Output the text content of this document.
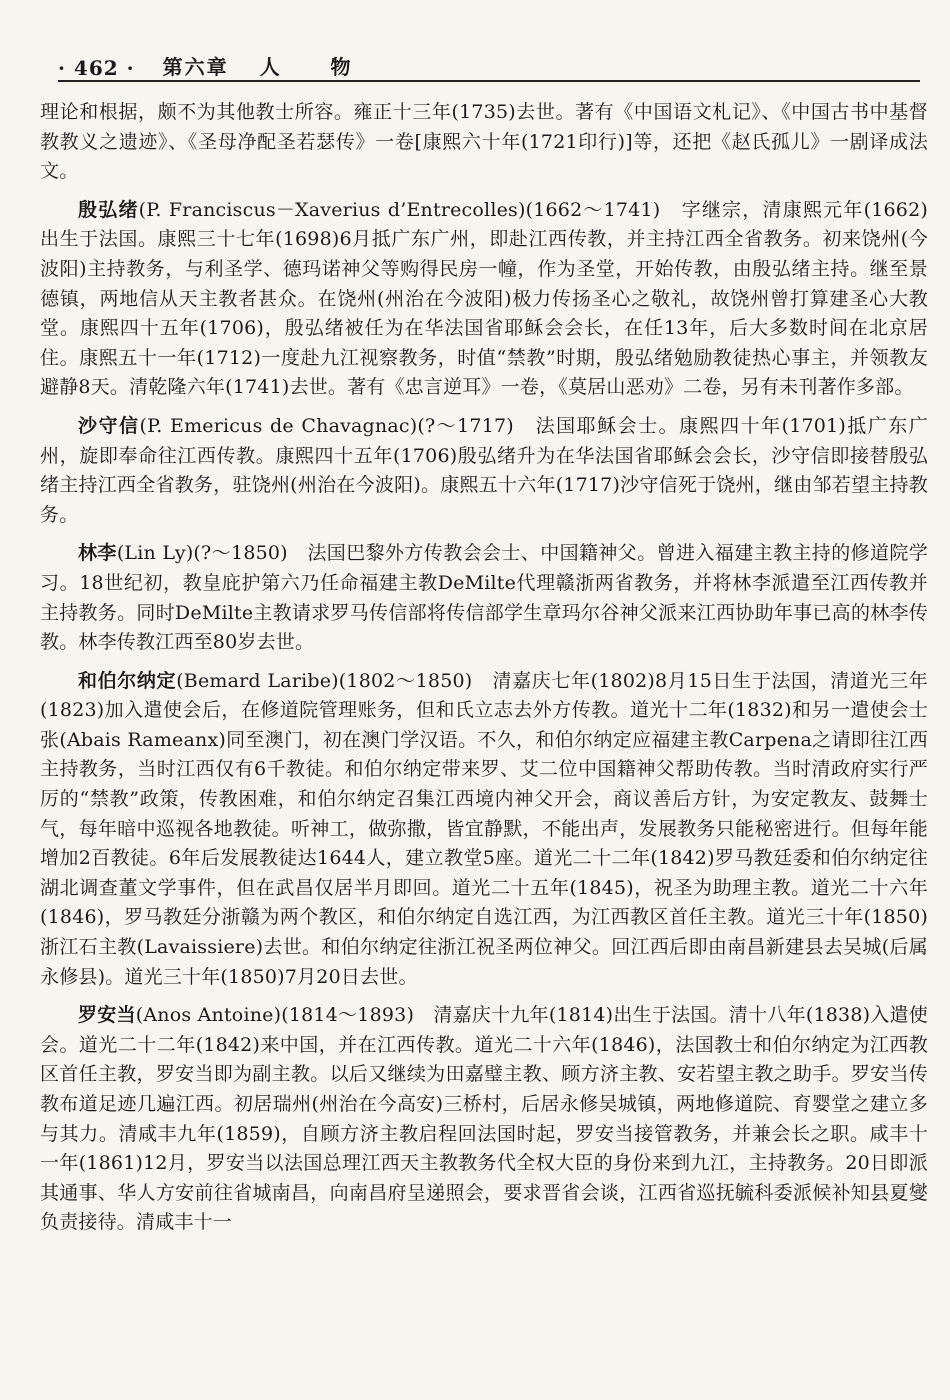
· 462 · 第六章 人 物

理论和根据，颇不为其他教士所容。雍正十三年(1735)去世。著有《中国语文札记》、《中国古书中基督教教义之遗迹》、《圣母净配圣若瑟传》一卷[康熙六十年(1721印行)]等，还把《赵氏孤儿》一剧译成法文。

殷弘绪(P. Franciscus－Xaverius d’Entrecolles)(1662～1741)　字继宗，清康熙元年(1662)出生于法国。康熙三十七年(1698)6月抵广东广州，即赴江西传教，并主持江西全省教务。初来饶州(今波阳)主持教务，与利圣学、德玛诺神父等购得民房一幢，作为圣堂，开始传教，由殷弘绪主持。继至景德镇，两地信从天主教者甚众。在饶州(州治在今波阳)极力传扬圣心之敬礼，故饶州曾打算建圣心大教堂。康熙四十五年(1706)，殷弘绪被任为在华法国省耶稣会会长，在任13年，后大多数时间在北京居住。康熙五十一年(1712)一度赴九江视察教务，时值“禁教”时期，殷弘绪勉励教徒热心事主，并领教友避静8天。清乾隆六年(1741)去世。著有《忠言逆耳》一卷，《莫居山恶劝》二卷，另有未刊著作多部。

沙守信(P. Emericus de Chavagnac)(?～1717)　法国耶稣会士。康熙四十年(1701)抵广东广州，旋即奉命往江西传教。康熙四十五年(1706)殷弘绪升为在华法国省耶稣会会长，沙守信即接替殷弘绪主持江西全省教务，驻饶州(州治在今波阳)。康熙五十六年(1717)沙守信死于饶州，继由邹若望主持教务。

林李(Lin Ly)(?～1850)　法国巴黎外方传教会会士、中国籍神父。曾进入福建主教主持的修道院学习。18世纪初，教皇庇护第六乃任命福建主教DeMilte代理赣浙两省教务，并将林李派遣至江西传教并主持教务。同时DeMilte主教请求罗马传信部将传信部学生章玛尔谷神父派来江西协助年事已高的林李传教。林李传教江西至80岁去世。

和伯尔纳定(Bemard Laribe)(1802～1850)　清嘉庆七年(1802)8月15日生于法国，清道光三年(1823)加入遣使会后，在修道院管理账务，但和氏立志去外方传教。道光十二年(1832)和另一遣使会士张(Abais Rameanx)同至澳门，初在澳门学汉语。不久，和伯尔纳定应福建主教Carpena之请即往江西主持教务，当时江西仅有6千教徒。和伯尔纳定带来罗、艾二位中国籍神父帮助传教。当时清政府实行严厉的“禁教”政策，传教困难，和伯尔纳定召集江西境内神父开会，商议善后方针，为安定教友、鼓舞士气，每年暗中巡视各地教徒。听神工，做弥撒，皆宜静默，不能出声，发展教务只能秘密进行。但每年能增加2百教徒。6年后发展教徒达1644人，建立教堂5座。道光二十二年(1842)罗马教廷委和伯尔纳定往湖北调查董文学事件，但在武昌仅居半月即回。道光二十五年(1845)，祝圣为助理主教。道光二十六年(1846)，罗马教廷分浙赣为两个教区，和伯尔纳定自选江西，为江西教区首任主教。道光三十年(1850)浙江石主教(Lavaissiere)去世。和伯尔纳定往浙江祝圣两位神父。回江西后即由南昌新建县去吴城(后属永修县)。道光三十年(1850)7月20日去世。

罗安当(Anos Antoine)(1814～1893)　清嘉庆十九年(1814)出生于法国。清十八年(1838)入遣使会。道光二十二年(1842)来中国，并在江西传教。道光二十六年(1846)，法国教士和伯尔纳定为江西教区首任主教，罗安当即为副主教。以后又继续为田嘉璧主教、顾方济主教、安若望主教之助手。罗安当传教布道足迹几遍江西。初居瑞州(州治在今高安)三桥村，后居永修吴城镇，两地修道院、育婴堂之建立多与其力。清咸丰九年(1859)，自顾方济主教启程回法国时起，罗安当接管教务，并兼会长之职。咸丰十一年(1861)12月，罗安当以法国总理江西天主教教务代全权大臣的身份来到九江，主持教务。20日即派其通事、华人方安前往省城南昌，向南昌府呈递照会，要求晋省会谈，江西省巡抚毓科委派候补知县夏燮负责接待。清咸丰十一
